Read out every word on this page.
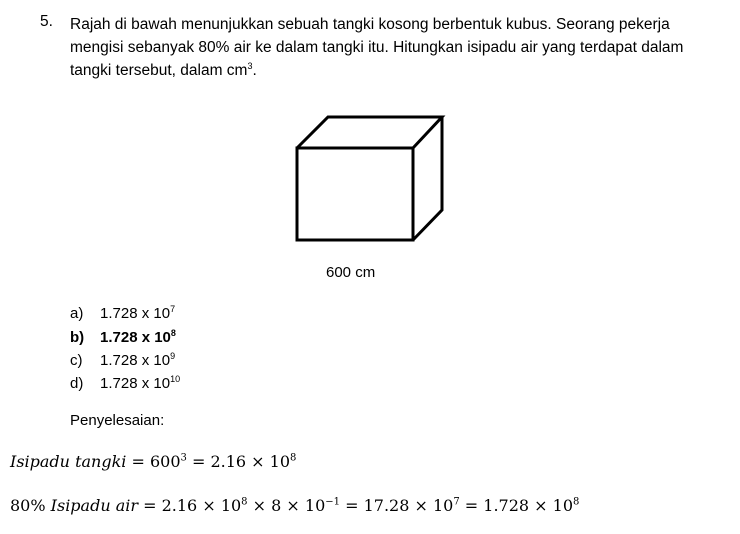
5. Rajah di bawah menunjukkan sebuah tangki kosong berbentuk kubus. Seorang pekerja
mengisi sebanyak 80% air ke dalam tangki itu. Hitungkan isipadu air yang terdapat dalam
tangki tersebut, dalam $cm^3$.
600 cm
a) 1.728 x $10^7$
b) 1.728 x $10^8$
c) 1.728 x $10^9$
d) 1.728 x $10^{10}$
Penyelesaian:
Isipadu tangki = $600^3 = 2.16 \times 10^8$
80% Isipadu air = $2.16 \times 10^8 \times 8 \times 10^{-1} = 17.28 \times 10^7 = 1.728 \times 10^8$
